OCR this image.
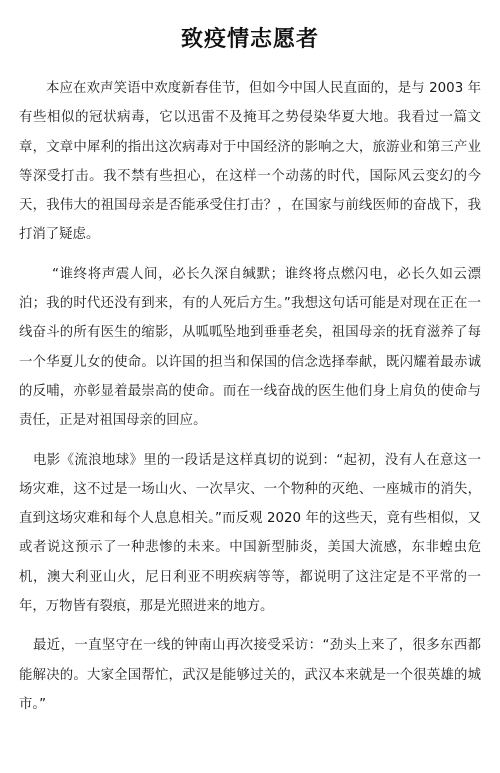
致疫情志愿者

本应在欢声笑语中欢度新春佳节，但如今中国人民直面的，是与 2003 年有些相似的冠状病毒，它以迅雷不及掩耳之势侵染华夏大地。我看过一篇文章，文章中犀利的指出这次病毒对于中国经济的影响之大，旅游业和第三产业等深受打击。我不禁有些担心，在这样一个动荡的时代，国际风云变幻的今天，我伟大的祖国母亲是否能承受住打击？，在国家与前线医师的奋战下，我打消了疑虑。

“谁终将声震人间，必长久深自缄默；谁终将点燃闪电，必长久如云漂泊；我的时代还没有到来，有的人死后方生。”我想这句话可能是对现在正在一线奋斗的所有医生的缩影，从呱呱坠地到垂垂老矣，祖国母亲的抚育滋养了每一个华夏儿女的使命。以许国的担当和保国的信念选择奉献，既闪耀着最赤诚的反哺，亦彰显着最崇高的使命。而在一线奋战的医生他们身上肩负的使命与责任，正是对祖国母亲的回应。

电影《流浪地球》里的一段话是这样真切的说到：“起初，没有人在意这一场灾难，这不过是一场山火、一次旱灾、一个物种的灭绝、一座城市的消失， 直到这场灾难和每个人息息相关。”而反观 2020 年的这些天，竟有些相似，又或者说这预示了一种悲惨的未来。中国新型肺炎，美国大流感，东非蝗虫危机，澳大利亚山火，尼日利亚不明疾病等等，都说明了这注定是不平常的一年，万物皆有裂痕，那是光照进来的地方。

最近，一直坚守在一线的钟南山再次接受采访：“劲头上来了，很多东西都能解决的。大家全国帮忙，武汉是能够过关的，武汉本来就是一个很英雄的城市。”
